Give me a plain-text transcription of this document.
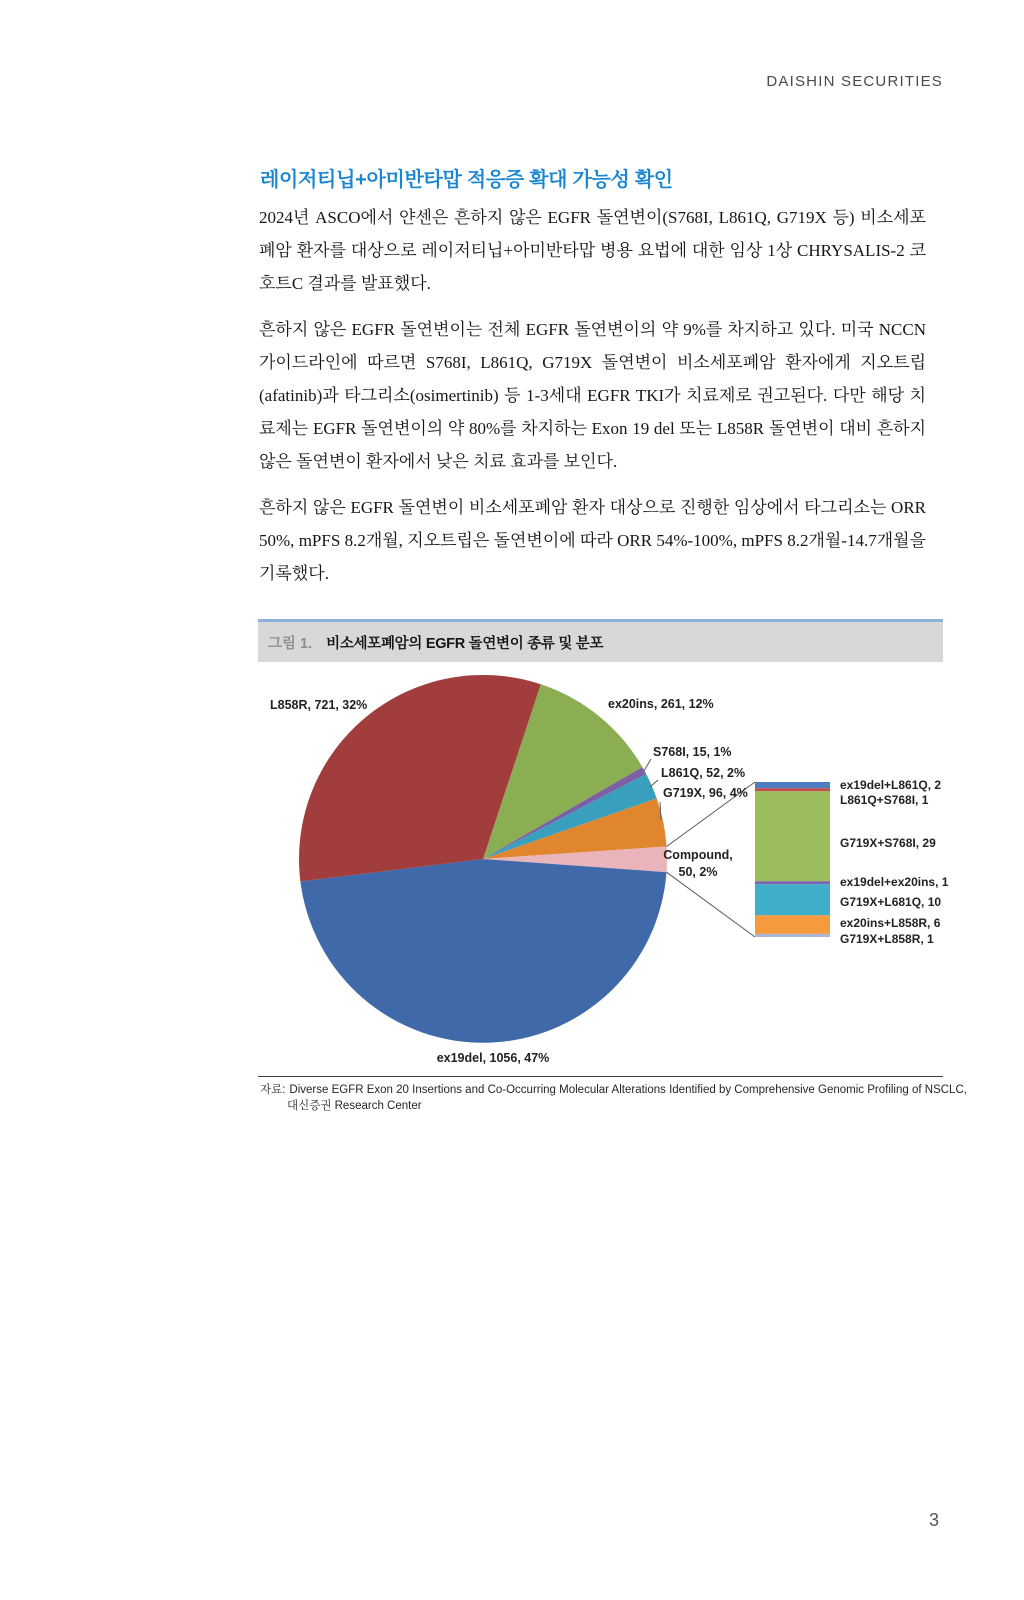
DAISHIN SECURITIES
레이저티닙+아미반타맙 적응증 확대 가능성 확인

2024년 ASCO에서 얀센은 흔하지 않은 EGFR 돌연변이(S768I, L861Q, G719X 등) 비소세포폐암 환자를 대상으로 레이저티닙+아미반타맙 병용 요법에 대한 임상 1상 CHRYSALIS-2 코호트C 결과를 발표했다.

흔하지 않은 EGFR 돌연변이는 전체 EGFR 돌연변이의 약 9%를 차지하고 있다. 미국 NCCN 가이드라인에 따르면 S768I, L861Q, G719X 돌연변이 비소세포폐암 환자에게 지오트립(afatinib)과 타그리소(osimertinib) 등 1-3세대 EGFR TKI가 치료제로 권고된다. 다만 해당 치료제는 EGFR 돌연변이의 약 80%를 차지하는 Exon 19 del 또는 L858R 돌연변이 대비 흔하지 않은 돌연변이 환자에서 낮은 치료 효과를 보인다.

흔하지 않은 EGFR 돌연변이 비소세포폐암 환자 대상으로 진행한 임상에서 타그리소는 ORR 50%, mPFS 8.2개월, 지오트립은 돌연변이에 따라 ORR 54%-100%, mPFS 8.2개월-14.7개월을 기록했다.

그림 1. 비소세포폐암의 EGFR 돌연변이 종류 및 분포
ex20ins, 261, 12%
S768I, 15, 1%
L861Q, 52, 2%
G719X, 96, 4%
Compound,
50, 2%
ex19del, 1056, 47%
L858R, 721, 32%
ex19del+L861Q, 2
L861Q+S768I, 1
G719X+S768I, 29
ex19del+ex20ins, 1
G719X+L681Q, 10
ex20ins+L858R, 6
G719X+L858R, 1
자료: Diverse EGFR Exon 20 Insertions and Co-Occurring Molecular Alterations Identified by Comprehensive Genomic Profiling of NSCLC, 대신증권 Research Center
3
